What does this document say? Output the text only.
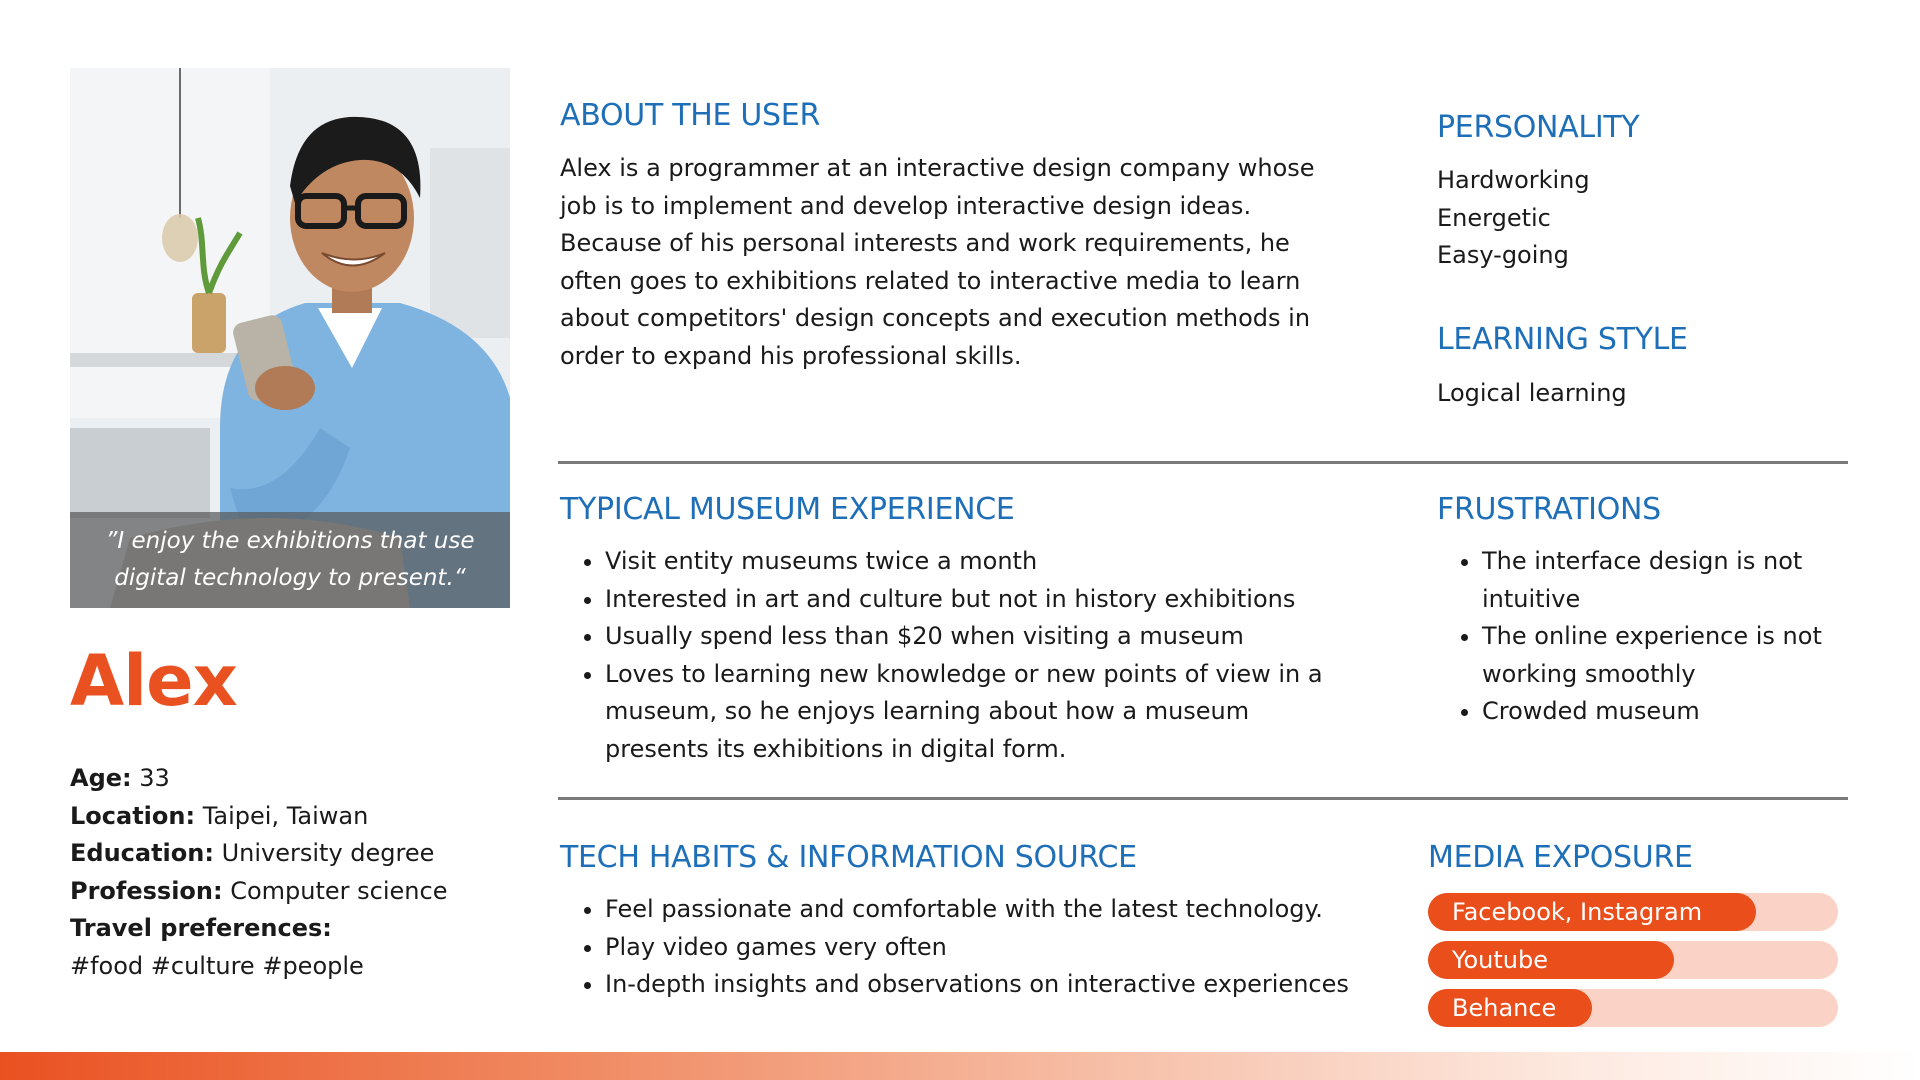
”I enjoy the exhibitions that use digital technology to present.“
Alex
Age: 33
Location: Taipei, Taiwan
Education: University degree
Profession: Computer science
Travel preferences:
#food #culture #people
ABOUT THE USER
Alex is a programmer at an interactive design company whose job is to implement and develop interactive design ideas. Because of his personal interests and work requirements, he often goes to exhibitions related to interactive media to learn about competitors' design concepts and execution methods in order to expand his professional skills.
PERSONALITY
Hardworking
Energetic
Easy-going
LEARNING STYLE
Logical learning
TYPICAL MUSEUM EXPERIENCE
• Visit entity museums twice a month
• Interested in art and culture but not in history exhibitions
• Usually spend less than $20 when visiting a museum
• Loves to learning new knowledge or new points of view in a museum, so he enjoys learning about how a museum presents its exhibitions in digital form.
FRUSTRATIONS
• The interface design is not intuitive
• The online experience is not working smoothly
• Crowded museum
TECH HABITS & INFORMATION SOURCE
• Feel passionate and comfortable with the latest technology.
• Play video games very often
• In-depth insights and observations on interactive experiences
MEDIA EXPOSURE
Facebook, Instagram
Youtube
Behance
